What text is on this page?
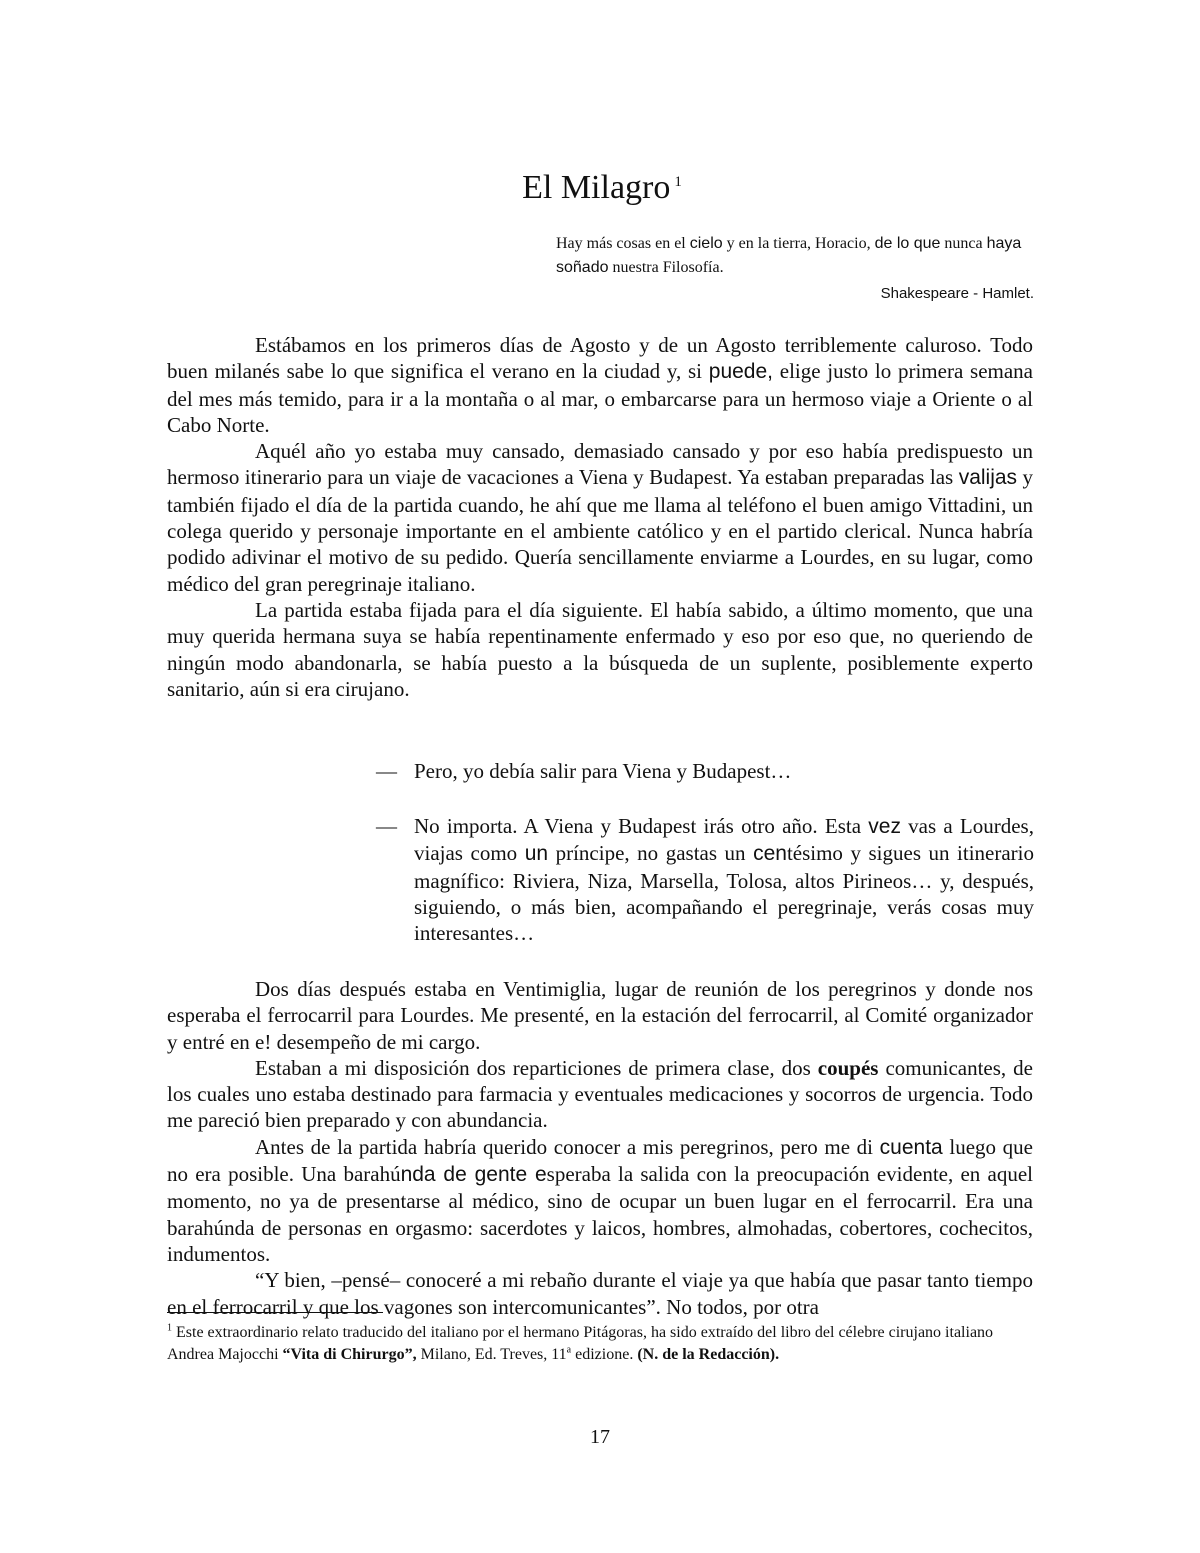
El Milagro $^1$
Hay más cosas en el cielo y en la tierra, Horacio, de lo que nunca haya soñado nuestra Filosofía.
Shakespeare - Hamlet.

Estábamos en los primeros días de Agosto y de un Agosto terriblemente caluroso. Todo buen milanés sabe lo que significa el verano en la ciudad y, si puede, elige justo lo primera semana del mes más temido, para ir a la montaña o al mar, o embarcarse para un hermoso viaje a Oriente o al Cabo Norte.

Aquél año yo estaba muy cansado, demasiado cansado y por eso había predispuesto un hermoso itinerario para un viaje de vacaciones a Viena y Budapest. Ya estaban preparadas las valijas y también fijado el día de la partida cuando, he ahí que me llama al teléfono el buen amigo Vittadini, un colega querido y personaje importante en el ambiente católico y en el partido clerical. Nunca habría podido adivinar el motivo de su pedido. Quería sencillamente enviarme a Lourdes, en su lugar, como médico del gran peregrinaje italiano.

La partida estaba fijada para el día siguiente. El había sabido, a último momento, que una muy querida hermana suya se había repentinamente enfermado y eso por eso que, no queriendo de ningún modo abandonarla, se había puesto a la búsqueda de un suplente, posiblemente experto sanitario, aún si era cirujano.

— Pero, yo debía salir para Viena y Budapest…
— No importa. A Viena y Budapest irás otro año. Esta vez vas a Lourdes, viajas como un príncipe, no gastas un centésimo y sigues un itinerario magnífico: Riviera, Niza, Marsella, Tolosa, altos Pirineos… y, después, siguiendo, o más bien, acompañando el peregrinaje, verás cosas muy interesantes…

Dos días después estaba en Ventimiglia, lugar de reunión de los peregrinos y donde nos esperaba el ferrocarril para Lourdes. Me presenté, en la estación del ferrocarril, al Comité organizador y entré en e! desempeño de mi cargo.

Estaban a mi disposición dos reparticiones de primera clase, dos coupés comunicantes, de los cuales uno estaba destinado para farmacia y eventuales medicaciones y socorros de urgencia. Todo me pareció bien preparado y con abundancia.

Antes de la partida habría querido conocer a mis peregrinos, pero me di cuenta luego que no era posible. Una barahúnda de gente esperaba la salida con la preocupación evidente, en aquel momento, no ya de presentarse al médico, sino de ocupar un buen lugar en el ferrocarril. Era una barahúnda de personas en orgasmo: sacerdotes y laicos, hombres, almohadas, cobertores, cochecitos, indumentos.

“Y bien, –pensé– conoceré a mi rebaño durante el viaje ya que había que pasar tanto tiempo en el ferrocarril y que los vagones son intercomunicantes”. No todos, por otra

$^1$ Este extraordinario relato traducido del italiano por el hermano Pitágoras, ha sido extraído del libro del célebre cirujano italiano Andrea Majocchi “Vita di Chirurgo”, Milano, Ed. Treves, 11$^a$ edizione. (N. de la Redacción).
17
